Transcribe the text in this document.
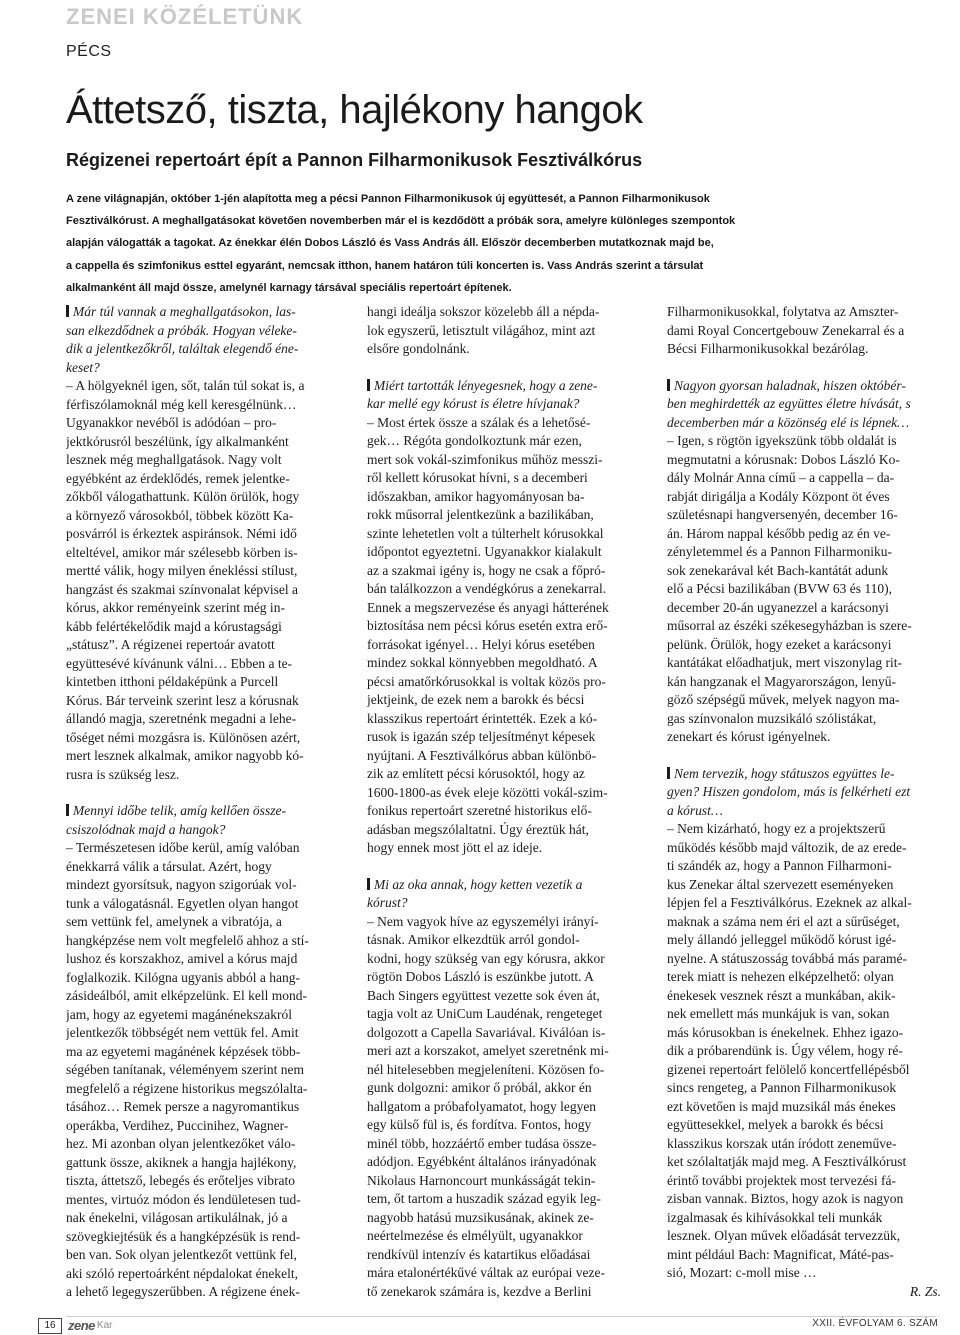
ZENEI KÖZÉLETÜNK
PÉCS
Áttetsző, tiszta, hajlékony hangok
Régizenei repertoárt épít a Pannon Filharmonikusok Fesztiválkórus

A zene világnapján, október 1-jén alapította meg a pécsi Pannon Filharmonikusok új együttesét, a Pannon Filharmonikusok
Fesztiválkórust. A meghallgatásokat követően novemberben már el is kezdődött a próbák sora, amelyre különleges szempontok
alapján válogatták a tagokat. Az énekkar élén Dobos László és Vass András áll. Először decemberben mutatkoznak majd be,
a cappella és szimfonikus esttel egyaránt, nemcsak itthon, hanem határon túli koncerten is. Vass András szerint a társulat
alkalmanként áll majd össze, amelynél karnagy társával speciális repertoárt építenek.

Már túl vannak a meghallgatásokon, las-
san elkezdődnek a próbák. Hogyan véleke-
dik a jelentkezőkről, találtak elegendő éne-
keset?

– A hölgyeknél igen, sőt, talán túl sokat is, a
férfiszólamoknál még kell keresgélnünk…
Ugyanakkor nevéből is adódóan – pro-
jektkórusról beszélünk, így alkalmanként
lesznek még meghallgatások. Nagy volt
egyébként az érdeklődés, remek jelentke-
zőkből válogathattunk. Külön örülök, hogy
a környező városokból, többek között Ka-
posvárról is érkeztek aspiránsok. Némi idő
elteltével, amikor már szélesebb körben is-
mertté válik, hogy milyen énekléssi stílust,
hangzást és szakmai színvonalat képvisel a
kórus, akkor reményeink szerint még in-
kább felértékelődik majd a kórustagsági
„státusz”. A régizenei repertoár avatott
együttesévé kívánunk válni… Ebben a te-
kintetben itthoni példaképünk a Purcell
Kórus. Bár terveink szerint lesz a kórusnak
állandó magja, szeretnénk megadni a lehe-
tőséget némi mozgásra is. Különösen azért,
mert lesznek alkalmak, amikor nagyobb kó-
rusra is szükség lesz.

Mennyi időbe telik, amíg kellően össze-
csiszolódnak majd a hangok?

– Természetesen időbe kerül, amíg valóban
énekkarrá válik a társulat. Azért, hogy
mindezt gyorsítsuk, nagyon szigorúak vol-
tunk a válogatásnál. Egyetlen olyan hangot
sem vettünk fel, amelynek a vibratója, a
hangképzése nem volt megfelelő ahhoz a stí-
lushoz és korszakhoz, amivel a kórus majd
foglalkozik. Kilógna ugyanis abból a hang-
zásideálból, amit elképzelünk. El kell mond-
jam, hogy az egyetemi magánénekszakról
jelentkezők többségét nem vettük fel. Amit
ma az egyetemi magánének képzések több-
ségében tanítanak, véleményem szerint nem
megfelelő a régizene historikus megszólalta-
tásához… Remek persze a nagyromantikus
operákba, Verdihez, Puccinihez, Wagner-
hez. Mi azonban olyan jelentkezőket válo-
gattunk össze, akiknek a hangja hajlékony,
tiszta, áttetsző, lebegés és erőteljes vibrato
mentes, virtuóz módon és lendületesen tud-
nak énekelni, világosan artikulálnak, jó a
szövegkiejtésük és a hangképzésük is rend-
ben van. Sok olyan jelentkezőt vettünk fel,
aki szóló repertoárként népdalokat énekelt,
a lehető legegyszerűbben. A régizene ének-

hangi ideálja sokszor közelebb áll a népda-
lok egyszerű, letisztult világához, mint azt
elsőre gondolnánk.

Miért tartották lényegesnek, hogy a zene-
kar mellé egy kórust is életre hívjanak?

– Most értek össze a szálak és a lehetősé-
gek… Régóta gondolkoztunk már ezen,
mert sok vokál-szimfonikus műhöz messzi-
ről kellett kórusokat hívni, s a decemberi
időszakban, amikor hagyományosan ba-
rokk műsorral jelentkezünk a bazilikában,
szinte lehetetlen volt a túlterhelt kórusokkal
időpontot egyeztetni. Ugyanakkor kialakult
az a szakmai igény is, hogy ne csak a főpró-
bán találkozzon a vendégkórus a zenekarral.
Ennek a megszervezése és anyagi hátterének
biztosítása nem pécsi kórus esetén extra erő-
forrásokat igényel… Helyi kórus esetében
mindez sokkal könnyebben megoldható. A
pécsi amatőrkórusokkal is voltak közös pro-
jektjeink, de ezek nem a barokk és bécsi
klasszikus repertoárt érintették. Ezek a kó-
rusok is igazán szép teljesítményt képesek
nyújtani. A Fesztiválkórus abban különbö-
zik az említett pécsi kórusoktól, hogy az
1600-1800-as évek eleje közötti vokál-szim-
fonikus repertoárt szeretné historikus elő-
adásban megszólaltatni. Úgy éreztük hát,
hogy ennek most jött el az ideje.

Mi az oka annak, hogy ketten vezetik a
kórust?

– Nem vagyok híve az egyszemélyi irányí-
tásnak. Amikor elkezdtük arról gondol-
kodni, hogy szükség van egy kórusra, akkor
rögtön Dobos László is eszünkbe jutott. A
Bach Singers együttest vezette sok éven át,
tagja volt az UniCum Laudénak, rengeteget
dolgozott a Capella Savariával. Kiválóan is-
meri azt a korszakot, amelyet szeretnénk mi-
nél hitelesebben megjeleníteni. Közösen fo-
gunk dolgozni: amikor ő próbál, akkor én
hallgatom a próbafolyamatot, hogy legyen
egy külső fül is, és fordítva. Fontos, hogy
minél több, hozzáértő ember tudása össze-
adódjon. Egyébként általános irányadónak
Nikolaus Harnoncourt munkásságát tekin-
tem, őt tartom a huszadik század egyik leg-
nagyobb hatású muzsikusának, akinek ze-
neértelmezése és elmélyült, ugyanakkor
rendkívül intenzív és katartikus előadásai
mára etalonértékűvé váltak az európai veze-
tő zenekarok számára is, kezdve a Berlini

Filharmonikusokkal, folytatva az Amszter-
dami Royal Concertgebouw Zenekarral és a
Bécsi Filharmonikusokkal bezárólag.

Nagyon gyorsan haladnak, hiszen októbér-
ben meghirdették az együttes életre hívását, s
decemberben már a közönség elé is lépnek…

– Igen, s rögtön igyekszünk több oldalát is
megmutatni a kórusnak: Dobos László Ko-
dály Molnár Anna című – a cappella – da-
rabját dirigálja a Kodály Központ öt éves
születésnapi hangversenyén, december 16-
án. Három nappal később pedig az én ve-
zényletemmel és a Pannon Filharmoniku-
sok zenekarával két Bach-kantátát adunk
elő a Pécsi bazilikában (BVW 63 és 110),
december 20-án ugyanezzel a karácsonyi
műsorral az észéki székesegyházban is szere-
pelünk. Örülök, hogy ezeket a karácsonyi
kantátákat előadhatjuk, mert viszonylag rit-
kán hangzanak el Magyarországon, lenyű-
göző szépségű művek, melyek nagyon ma-
gas színvonalon muzsikáló szólistákat,
zenekart és kórust igényelnek.

Nem tervezik, hogy státuszos együttes le-
gyen? Hiszen gondolom, más is felkérheti ezt
a kórust…

– Nem kizárható, hogy ez a projektszerű
működés később majd változik, de az erede-
ti szándék az, hogy a Pannon Filharmoni-
kus Zenekar által szervezett eseményeken
lépjen fel a Fesztiválkórus. Ezeknek az alkal-
maknak a száma nem éri el azt a sűrűséget,
mely állandó jelleggel működő kórust igé-
nyelne. A státuszosság továbbá más paramé-
terek miatt is nehezen elképzelhető: olyan
énekesek vesznek részt a munkában, akik-
nek emellett más munkájuk is van, sokan
más kórusokban is énekelnek. Ehhez igazo-
dik a próbarendünk is. Úgy vélem, hogy ré-
gizenei repertoárt felölelő koncertfellépésből
sincs rengeteg, a Pannon Filharmonikusok
ezt követően is majd muzsikál más énekes
együttesekkel, melyek a barokk és bécsi
klasszikus korszak után íródott zeneműve-
ket szólaltatják majd meg. A Fesztiválkórust
érintő további projektek most tervezési fá-
zisban vannak. Biztos, hogy azok is nagyon
izgalmasak és kihívásokkal teli munkák
lesznek. Olyan művek előadását tervezzük,
mint például Bach: Magnificat, Máté-pas-
sió, Mozart: c-moll mise …

R. Zs.

16 zene Kar	XXII. ÉVFOLYAM 6. SZÁM
